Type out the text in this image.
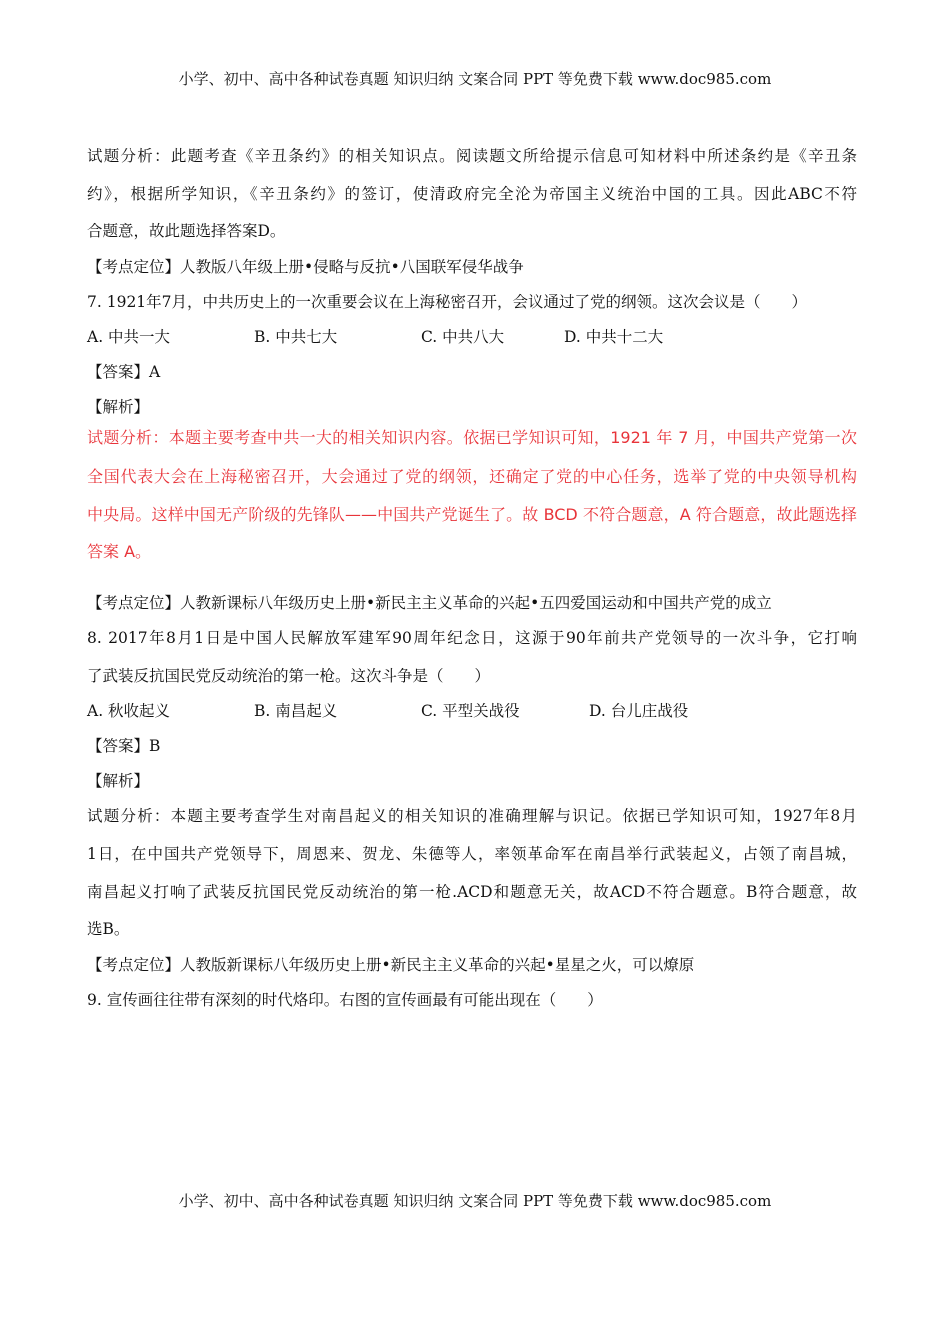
小学、初中、高中各种试卷真题 知识归纳 文案合同 PPT 等免费下载 www.doc985.com
试题分析：此题考查《辛丑条约》的相关知识点。阅读题文所给提示信息可知材料中所述条约是《辛丑条
约》，根据所学知识，《辛丑条约》的签订，使清政府完全沦为帝国主义统治中国的工具。因此ABC不符
合题意，故此题选择答案D。
【考点定位】人教版八年级上册•侵略与反抗•八国联军侵华战争
7. 1921年7月，中共历史上的一次重要会议在上海秘密召开，会议通过了党的纲领。这次会议是（　　）
A. 中共一大	B. 中共七大	C. 中共八大	D. 中共十二大
【答案】A
【解析】
试题分析：本题主要考查中共一大的相关知识内容。依据已学知识可知，1921 年 7 月，中国共产党第一次
全国代表大会在上海秘密召开，大会通过了党的纲领，还确定了党的中心任务，选举了党的中央领导机构
中央局。这样中国无产阶级的先锋队——中国共产党诞生了。故 BCD 不符合题意，A 符合题意，故此题选择
答案 A。
【考点定位】人教新课标八年级历史上册•新民主主义革命的兴起•五四爱国运动和中国共产党的成立
8. 2017年8月1日是中国人民解放军建军90周年纪念日，这源于90年前共产党领导的一次斗争，它打响
了武装反抗国民党反动统治的第一枪。这次斗争是（　　）
A. 秋收起义	B. 南昌起义	C. 平型关战役	D. 台儿庄战役
【答案】B
【解析】
试题分析：本题主要考查学生对南昌起义的相关知识的准确理解与识记。依据已学知识可知，1927年8月
1日，在中国共产党领导下，周恩来、贺龙、朱德等人，率领革命军在南昌举行武装起义，占领了南昌城，
南昌起义打响了武装反抗国民党反动统治的第一枪.ACD和题意无关，故ACD不符合题意。B符合题意，故
选B。
【考点定位】人教版新课标八年级历史上册•新民主主义革命的兴起•星星之火，可以燎原
9. 宣传画往往带有深刻的时代烙印。右图的宣传画最有可能出现在（　　）
小学、初中、高中各种试卷真题 知识归纳 文案合同 PPT 等免费下载 www.doc985.com
